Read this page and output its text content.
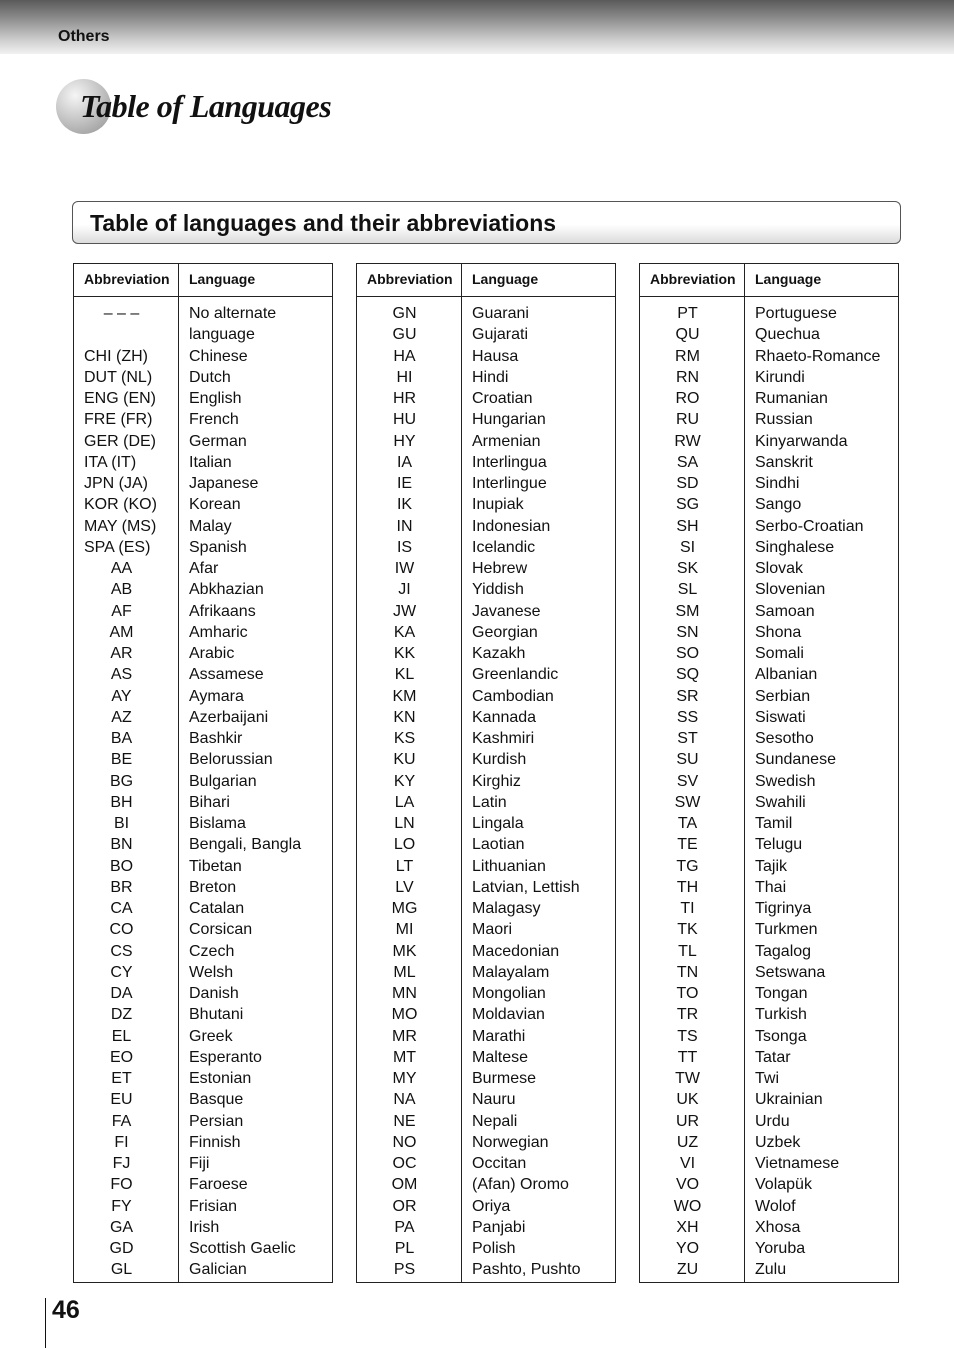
Others
Table of Languages
Table of languages and their abbreviations
Abbreviation Language
– – –	No alternate
language
CHI (ZH)	Chinese
DUT (NL)	Dutch
ENG (EN)	English
FRE (FR)	French
GER (DE)	German
ITA (IT)	Italian
JPN (JA)	Japanese
KOR (KO)	Korean
MAY (MS)	Malay
SPA (ES)	Spanish
AA	Afar
AB	Abkhazian
AF	Afrikaans
AM	Amharic
AR	Arabic
AS	Assamese
AY	Aymara
AZ	Azerbaijani
BA	Bashkir
BE	Belorussian
BG	Bulgarian
BH	Bihari
BI	Bislama
BN	Bengali, Bangla
BO	Tibetan
BR	Breton
CA	Catalan
CO	Corsican
CS	Czech
CY	Welsh
DA	Danish
DZ	Bhutani
EL	Greek
EO	Esperanto
ET	Estonian
EU	Basque
FA	Persian
FI	Finnish
FJ	Fiji
FO	Faroese
FY	Frisian
GA	Irish
GD	Scottish Gaelic
GL	Galician
Abbreviation Language
GN	Guarani
GU	Gujarati
HA	Hausa
HI	Hindi
HR	Croatian
HU	Hungarian
HY	Armenian
IA	Interlingua
IE	Interlingue
IK	Inupiak
IN	Indonesian
IS	Icelandic
IW	Hebrew
JI	Yiddish
JW	Javanese
KA	Georgian
KK	Kazakh
KL	Greenlandic
KM	Cambodian
KN	Kannada
KS	Kashmiri
KU	Kurdish
KY	Kirghiz
LA	Latin
LN	Lingala
LO	Laotian
LT	Lithuanian
LV	Latvian, Lettish
MG	Malagasy
MI	Maori
MK	Macedonian
ML	Malayalam
MN	Mongolian
MO	Moldavian
MR	Marathi
MT	Maltese
MY	Burmese
NA	Nauru
NE	Nepali
NO	Norwegian
OC	Occitan
OM	(Afan) Oromo
OR	Oriya
PA	Panjabi
PL	Polish
PS	Pashto, Pushto
Abbreviation Language
PT	Portuguese
QU	Quechua
RM	Rhaeto-Romance
RN	Kirundi
RO	Rumanian
RU	Russian
RW	Kinyarwanda
SA	Sanskrit
SD	Sindhi
SG	Sango
SH	Serbo-Croatian
SI	Singhalese
SK	Slovak
SL	Slovenian
SM	Samoan
SN	Shona
SO	Somali
SQ	Albanian
SR	Serbian
SS	Siswati
ST	Sesotho
SU	Sundanese
SV	Swedish
SW	Swahili
TA	Tamil
TE	Telugu
TG	Tajik
TH	Thai
TI	Tigrinya
TK	Turkmen
TL	Tagalog
TN	Setswana
TO	Tongan
TR	Turkish
TS	Tsonga
TT	Tatar
TW	Twi
UK	Ukrainian
UR	Urdu
UZ	Uzbek
VI	Vietnamese
VO	Volapük
WO	Wolof
XH	Xhosa
YO	Yoruba
ZU	Zulu
46
